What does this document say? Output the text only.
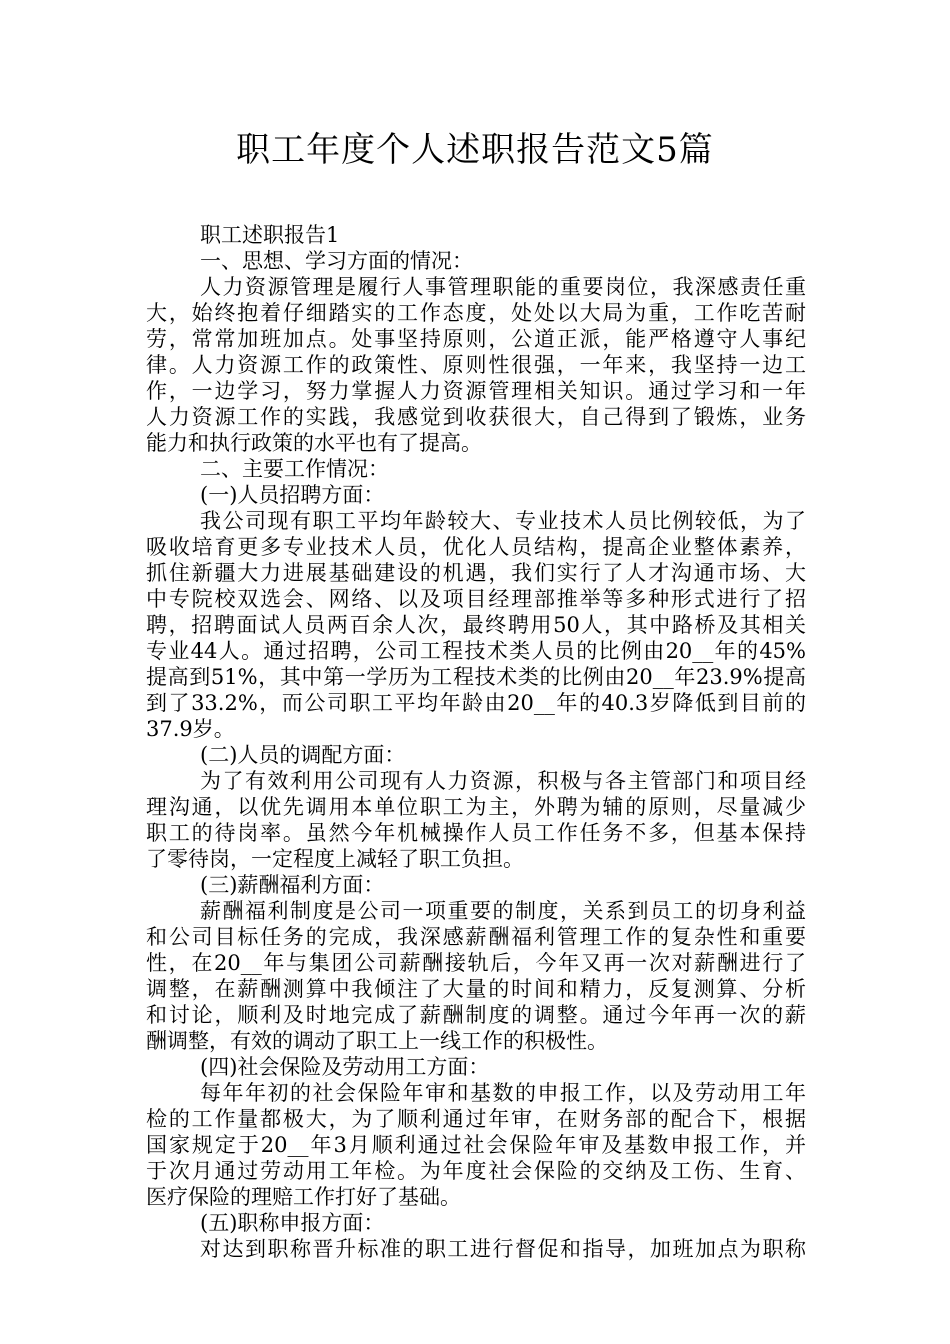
职工年度个人述职报告范文5篇
职工述职报告1
一、思想、学习方面的情况：
人力资源管理是履行人事管理职能的重要岗位，我深感责任重
大，始终抱着仔细踏实的工作态度，处处以大局为重，工作吃苦耐
劳，常常加班加点。处事坚持原则，公道正派，能严格遵守人事纪
律。人力资源工作的政策性、原则性很强，一年来，我坚持一边工
作，一边学习，努力掌握人力资源管理相关知识。通过学习和一年
人力资源工作的实践，我感觉到收获很大，自己得到了锻炼，业务
能力和执行政策的水平也有了提高。
二、主要工作情况：
(一)人员招聘方面：
我公司现有职工平均年龄较大、专业技术人员比例较低，为了
吸收培育更多专业技术人员，优化人员结构，提高企业整体素养，
抓住新疆大力进展基础建设的机遇，我们实行了人才沟通市场、大
中专院校双选会、网络、以及项目经理部推举等多种形式进行了招
聘，招聘面试人员两百余人次，最终聘用50人，其中路桥及其相关
专业44人。通过招聘，公司工程技术类人员的比例由20__年的45%
提高到51%，其中第一学历为工程技术类的比例由20__年23.9%提高
到了33.2%，而公司职工平均年龄由20__年的40.3岁降低到目前的
37.9岁。
(二)人员的调配方面：
为了有效利用公司现有人力资源，积极与各主管部门和项目经
理沟通，以优先调用本单位职工为主，外聘为辅的原则，尽量减少
职工的待岗率。虽然今年机械操作人员工作任务不多，但基本保持
了零待岗，一定程度上减轻了职工负担。
(三)薪酬福利方面：
薪酬福利制度是公司一项重要的制度，关系到员工的切身利益
和公司目标任务的完成，我深感薪酬福利管理工作的复杂性和重要
性，在20__年与集团公司薪酬接轨后，今年又再一次对薪酬进行了
调整，在薪酬测算中我倾注了大量的时间和精力，反复测算、分析
和讨论，顺利及时地完成了薪酬制度的调整。通过今年再一次的薪
酬调整，有效的调动了职工上一线工作的积极性。
(四)社会保险及劳动用工方面：
每年年初的社会保险年审和基数的申报工作，以及劳动用工年
检的工作量都极大，为了顺利通过年审，在财务部的配合下，根据
国家规定于20__年3月顺利通过社会保险年审及基数申报工作，并
于次月通过劳动用工年检。为年度社会保险的交纳及工伤、生育、
医疗保险的理赔工作打好了基础。
(五)职称申报方面：
对达到职称晋升标准的职工进行督促和指导，加班加点为职称
